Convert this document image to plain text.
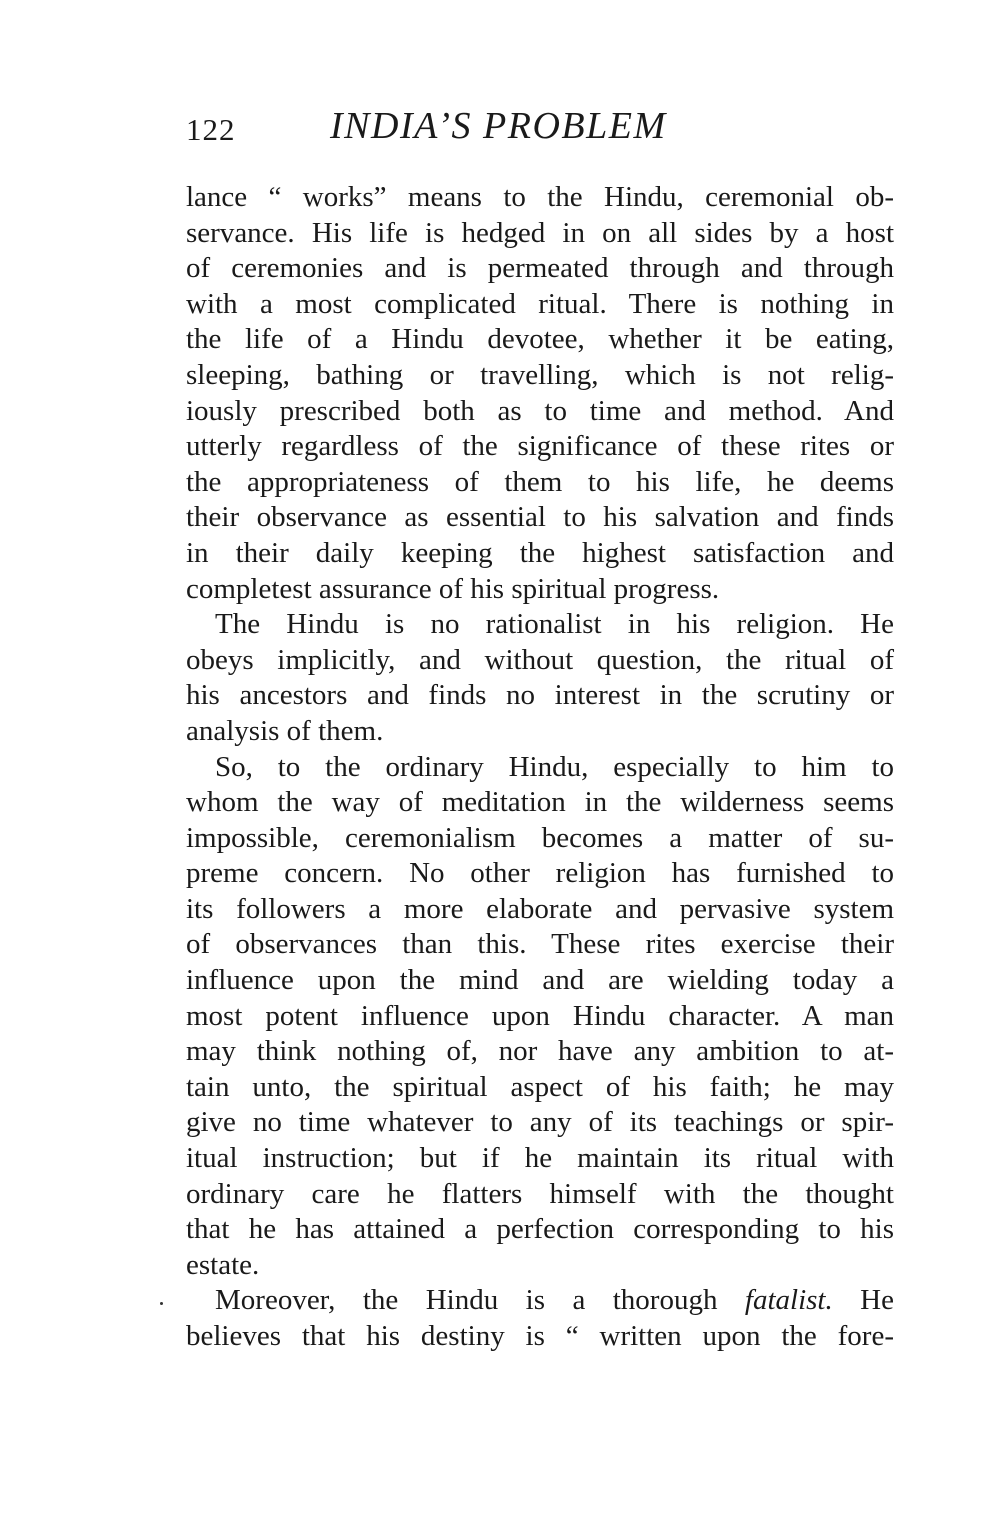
122 INDIA’S PROBLEM
lance “ works” means to the Hindu, ceremonial ob-
servance. His life is hedged in on all sides by a host
of ceremonies and is permeated through and through
with a most complicated ritual. There is nothing in
the life of a Hindu devotee, whether it be eating,
sleeping, bathing or travelling, which is not relig-
iously prescribed both as to time and method. And
utterly regardless of the significance of these rites or
the appropriateness of them to his life, he deems
their observance as essential to his salvation and finds
in their daily keeping the highest satisfaction and
completest assurance of his spiritual progress.
The Hindu is no rationalist in his religion. He
obeys implicitly, and without question, the ritual of
his ancestors and finds no interest in the scrutiny or
analysis of them.
So, to the ordinary Hindu, especially to him to
whom the way of meditation in the wilderness seems
impossible, ceremonialism becomes a matter of su-
preme concern. No other religion has furnished to
its followers a more elaborate and pervasive system
of observances than this. These rites exercise their
influence upon the mind and are wielding today a
most potent influence upon Hindu character. A man
may think nothing of, nor have any ambition to at-
tain unto, the spiritual aspect of his faith; he may
give no time whatever to any of its teachings or spir-
itual instruction; but if he maintain its ritual with
ordinary care he flatters himself with the thought
that he has attained a perfection corresponding to his
estate.
Moreover, the Hindu is a thorough fatalist. He
believes that his destiny is “ written upon the fore-
